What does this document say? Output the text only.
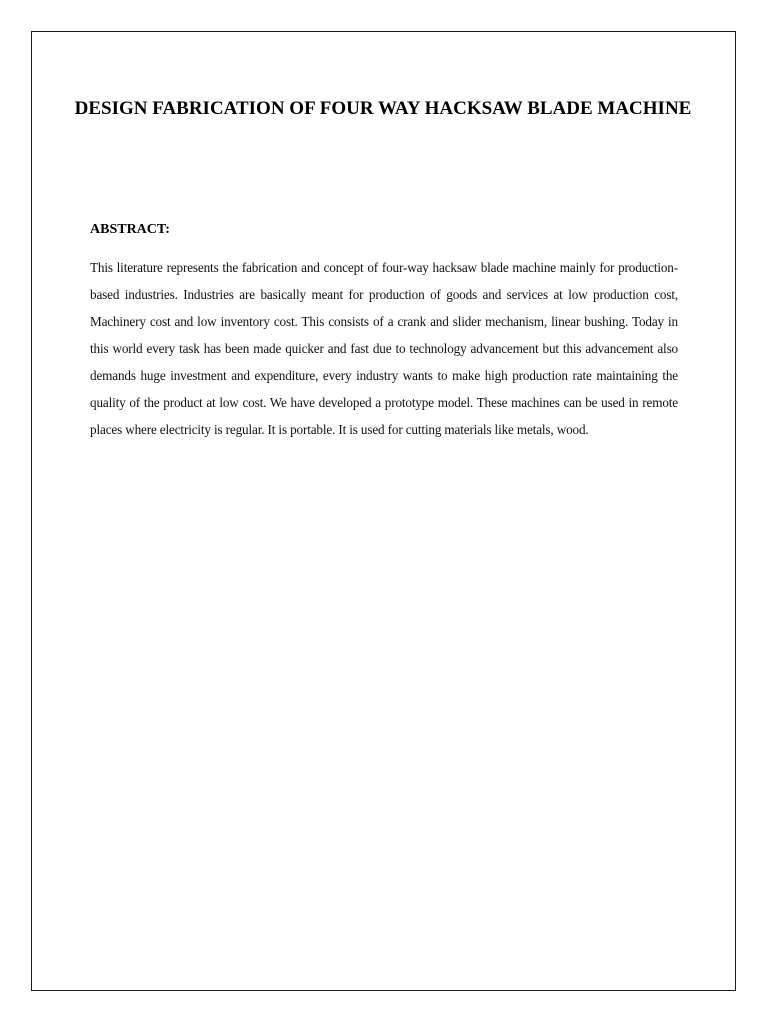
DESIGN FABRICATION OF FOUR WAY HACKSAW BLADE MACHINE
ABSTRACT:

This literature represents the fabrication and concept of four-way hacksaw blade machine mainly for production-based industries. Industries are basically meant for production of goods and services at low production cost, Machinery cost and low inventory cost. This consists of a crank and slider mechanism, linear bushing. Today in this world every task has been made quicker and fast due to technology advancement but this advancement also demands huge investment and expenditure, every industry wants to make high production rate maintaining the quality of the product at low cost. We have developed a prototype model. These machines can be used in remote places where electricity is regular. It is portable. It is used for cutting materials like metals, wood.
